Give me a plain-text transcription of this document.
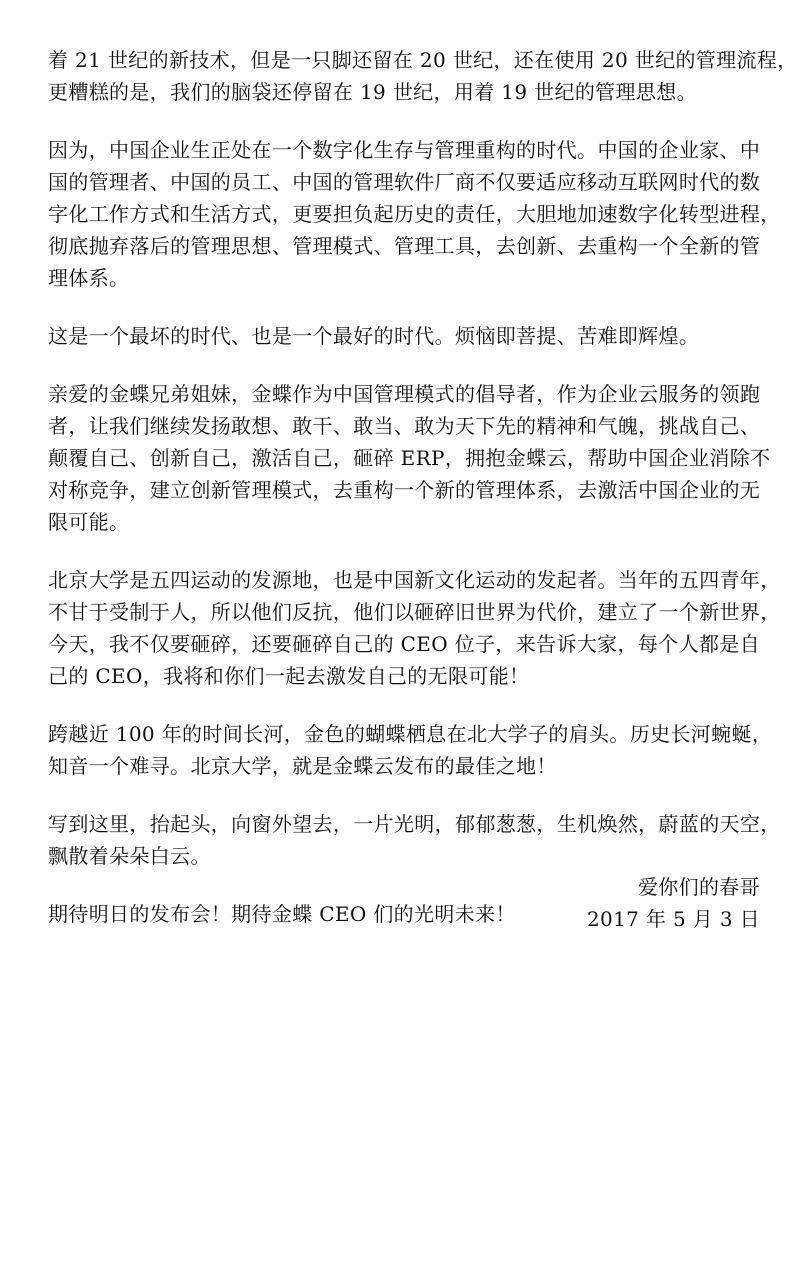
着 21 世纪的新技术，但是一只脚还留在 20 世纪，还在使用 20 世纪的管理流程，
更糟糕的是，我们的脑袋还停留在 19 世纪，用着 19 世纪的管理思想。

因为，中国企业生正处在一个数字化生存与管理重构的时代。中国的企业家、中
国的管理者、中国的员工、中国的管理软件厂商不仅要适应移动互联网时代的数
字化工作方式和生活方式，更要担负起历史的责任，大胆地加速数字化转型进程，
彻底抛弃落后的管理思想、管理模式、管理工具，去创新、去重构一个全新的管
理体系。

这是一个最坏的时代、也是一个最好的时代。烦恼即菩提、苦难即辉煌。

亲爱的金蝶兄弟姐妹，金蝶作为中国管理模式的倡导者，作为企业云服务的领跑
者，让我们继续发扬敢想、敢干、敢当、敢为天下先的精神和气魄，挑战自己、
颠覆自己、创新自己，激活自己，砸碎 ERP，拥抱金蝶云，帮助中国企业消除不
对称竞争，建立创新管理模式，去重构一个新的管理体系，去激活中国企业的无
限可能。

北京大学是五四运动的发源地，也是中国新文化运动的发起者。当年的五四青年，
不甘于受制于人，所以他们反抗，他们以砸碎旧世界为代价，建立了一个新世界，
今天，我不仅要砸碎，还要砸碎自己的 CEO 位子，来告诉大家，每个人都是自
己的 CEO，我将和你们一起去激发自己的无限可能！

跨越近 100 年的时间长河，金色的蝴蝶栖息在北大学子的肩头。历史长河蜿蜒，
知音一个难寻。北京大学，就是金蝶云发布的最佳之地！

写到这里，抬起头，向窗外望去，一片光明，郁郁葱葱，生机焕然，蔚蓝的天空，
飘散着朵朵白云。

期待明日的发布会！期待金蝶 CEO 们的光明未来！

爱你们的春哥
2017 年 5 月 3 日
